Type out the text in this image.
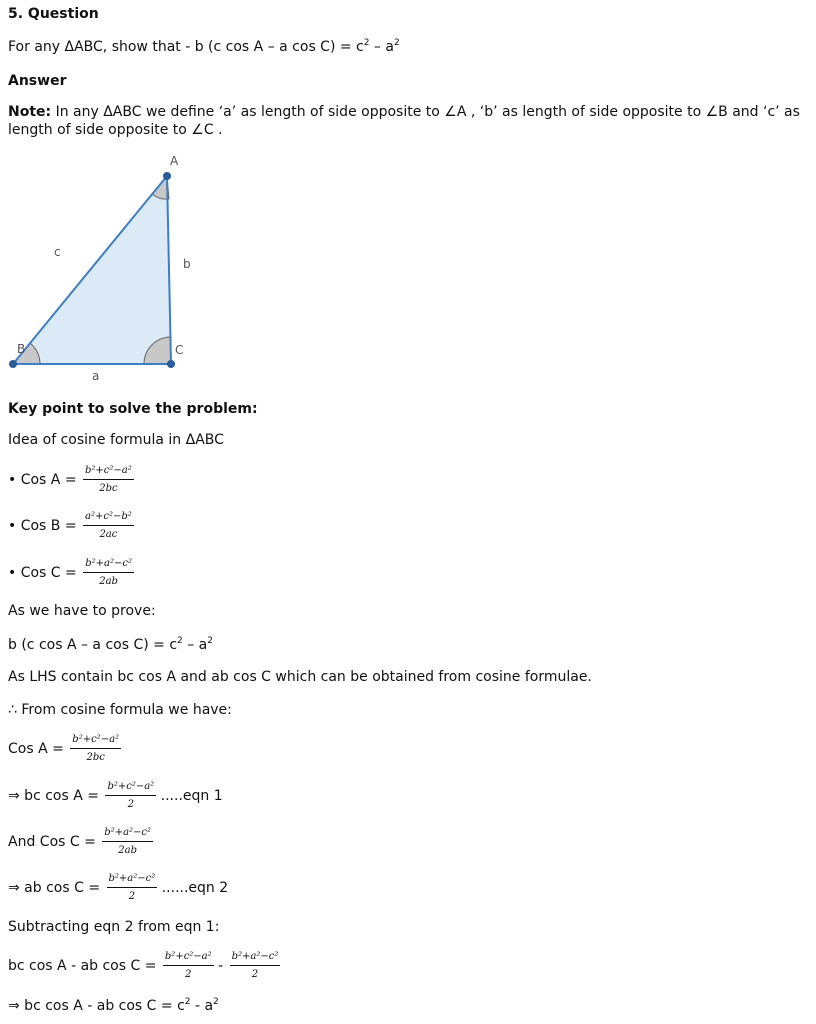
5. Question
For any ΔABC, show that - b (c cos A – a $\cos C) = c^2 - a^2$
Answer
Note: In any ΔABC we define ‘a’ as length of side opposite to ∠A , ‘b’ as length of side opposite to ∠B and ‘c’ as length of side opposite to ∠C .
A
B	C
a
b
c
Key point to solve the problem:
Idea of cosine formula in ΔABC
• Cos $A = \frac{\text{b²+c²−a²}}{2bc}$
• Cos $B = \frac{\text{a²+c²−b²}}{2ac}$
• Cos $C = \frac{\text{b²+a²−c²}}{2ab}$
As we have to prove:
b (c cos A – a $\cos C) = c^2 - a^2$
As LHS contain bc cos A and ab cos C which can be obtained from cosine formulae.
∴ From cosine formula we have:
Cos $A = \frac{\text{b²+c²−a²}}{2bc}$
⇒ bc $\cos A = \frac{\text{b²+c²−a²}}{2} .....eqn$ 1
And Cos $C = \frac{\text{b²+a²−c²}}{2ab}$
⇒ ab $\cos C = \frac{\text{b²+a²−c²}}{2} ......eqn$ 2
Subtracting eqn 2 from eqn 1:
bc cos A - ab $\cos C = \frac{\text{b²+c²−a²}}{2} - \frac{\text{b²+a²−c²}}{2}$
⇒ bc cos A - ab $\cos C = c^2 - a^2$
